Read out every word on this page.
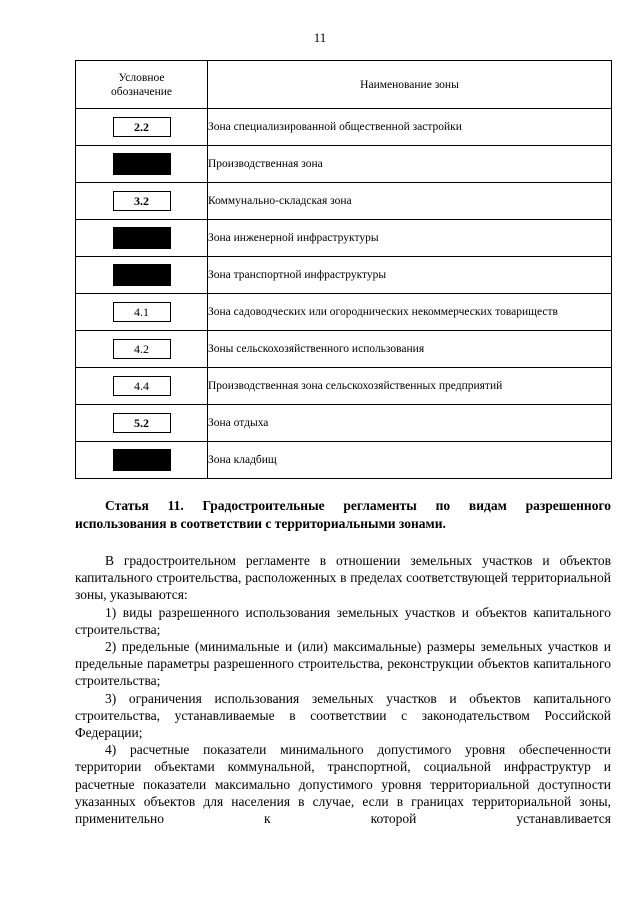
11
Условное
обозначение	Наименование зоны
2.2	Зона специализированной общественной застройки
	Производственная зона
3.2	Коммунально-складская зона
	Зона инженерной инфраструктуры
	Зона транспортной инфраструктуры
4.1	Зона садоводческих или огороднических некоммерческих товариществ
4.2	Зоны сельскохозяйственного использования
4.4	Производственная зона сельскохозяйственных предприятий
5.2	Зона отдыха
	Зона кладбищ
Статья 11. Градостроительные регламенты по видам разрешенного использования в соответствии с территориальными зонами.

В градостроительном регламенте в отношении земельных участков и объектов капитального строительства, расположенных в пределах соответствующей территориальной зоны, указываются:

1) виды разрешенного использования земельных участков и объектов капитального строительства;

2) предельные (минимальные и (или) максимальные) размеры земельных участков и предельные параметры разрешенного строительства, реконструкции объектов капитального строительства;

3) ограничения использования земельных участков и объектов капитального строительства, устанавливаемые в соответствии с законодательством Российской Федерации;

4) расчетные показатели минимального допустимого уровня обеспеченности территории объектами коммунальной, транспортной, социальной инфраструктур и расчетные показатели максимально допустимого уровня территориальной доступности указанных объектов для населения в случае, если в границах территориальной зоны, применительно к которой устанавливается
